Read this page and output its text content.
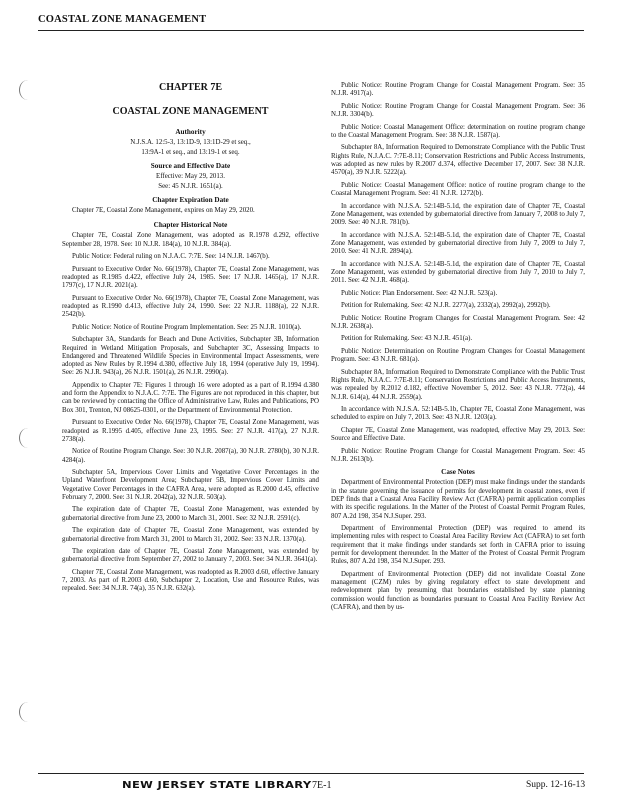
COASTAL ZONE MANAGEMENT
CHAPTER 7E
COASTAL ZONE MANAGEMENT
Authority
N.J.S.A. 12:5-3, 13:1D-9, 13:1D-29 et seq.,
13:9A-1 et seq., and 13:19-1 et seq.
Source and Effective Date
Effective: May 29, 2013.
See: 45 N.J.R. 1651(a).
Chapter Expiration Date

Chapter 7E, Coastal Zone Management, expires on May 29, 2020.

Chapter Historical Note

Chapter 7E, Coastal Zone Management, was adopted as R.1978 d.292, effective September 28, 1978. See: 10 N.J.R. 184(a), 10 N.J.R. 384(a).

Public Notice: Federal ruling on N.J.A.C. 7:7E. See: 14 N.J.R. 1467(b).

Pursuant to Executive Order No. 66(1978), Chapter 7E, Coastal Zone Management, was readopted as R.1985 d.422, effective July 24, 1985. See: 17 N.J.R. 1465(a), 17 N.J.R. 1797(c), 17 N.J.R. 2021(a).

Pursuant to Executive Order No. 66(1978), Chapter 7E, Coastal Zone Management, was readopted as R.1990 d.413, effective July 24, 1990. See: 22 N.J.R. 1188(a), 22 N.J.R. 2542(b).

Public Notice: Notice of Routine Program Implementation. See: 25 N.J.R. 1010(a).

Subchapter 3A, Standards for Beach and Dune Activities, Subchapter 3B, Information Required in Wetland Mitigation Proposals, and Subchapter 3C, Assessing Impacts to Endangered and Threatened Wildlife Species in Environmental Impact Assessments, were adopted as New Rules by R.1994 d.380, effective July 18, 1994 (operative July 19, 1994). See: 26 N.J.R. 943(a), 26 N.J.R. 1501(a), 26 N.J.R. 2990(a).

Appendix to Chapter 7E: Figures 1 through 16 were adopted as a part of R.1994 d.380 and form the Appendix to N.J.A.C. 7:7E. The Figures are not reproduced in this chapter, but can be reviewed by contacting the Office of Administrative Law, Rules and Publications, PO Box 301, Trenton, NJ 08625-0301, or the Department of Environmental Protection.

Pursuant to Executive Order No. 66(1978), Chapter 7E, Coastal Zone Management, was readopted as R.1995 d.405, effective June 23, 1995. See: 27 N.J.R. 417(a), 27 N.J.R. 2738(a).

Notice of Routine Program Change. See: 30 N.J.R. 2087(a), 30 N.J.R. 2780(b), 30 N.J.R. 4284(a).

Subchapter 5A, Impervious Cover Limits and Vegetative Cover Percentages in the Upland Waterfront Development Area; Subchapter 5B, Impervious Cover Limits and Vegetative Cover Percentages in the CAFRA Area, were adopted as R.2000 d.45, effective February 7, 2000. See: 31 N.J.R. 2042(a), 32 N.J.R. 503(a).

The expiration date of Chapter 7E, Coastal Zone Management, was extended by gubernatorial directive from June 23, 2000 to March 31, 2001. See: 32 N.J.R. 2591(c).

The expiration date of Chapter 7E, Coastal Zone Management, was extended by gubernatorial directive from March 31, 2001 to March 31, 2002. See: 33 N.J.R. 1370(a).

The expiration date of Chapter 7E, Coastal Zone Management, was extended by gubernatorial directive from September 27, 2002 to January 7, 2003. See: 34 N.J.R. 3641(a).

Chapter 7E, Coastal Zone Management, was readopted as R.2003 d.60, effective January 7, 2003. As part of R.2003 d.60, Subchapter 2, Location, Use and Resource Rules, was repealed. See: 34 N.J.R. 74(a), 35 N.J.R. 632(a).

Public Notice: Routine Program Change for Coastal Management Program. See: 35 N.J.R. 4917(a).

Public Notice: Routine Program Change for Coastal Management Program. See: 36 N.J.R. 3304(b).

Public Notice: Coastal Management Office: determination on routine program change to the Coastal Management Program. See: 38 N.J.R. 1587(a).

Subchapter 8A, Information Required to Demonstrate Compliance with the Public Trust Rights Rule, N.J.A.C. 7:7E-8.11; Conservation Restrictions and Public Access Instruments, was adopted as new rules by R.2007 d.374, effective December 17, 2007. See: 38 N.J.R. 4570(a), 39 N.J.R. 5222(a).

Public Notice: Coastal Management Office: notice of routine program change to the Coastal Management Program. See: 41 N.J.R. 1272(b).

In accordance with N.J.S.A. 52:14B-5.1d, the expiration date of Chapter 7E, Coastal Zone Management, was extended by gubernatorial directive from January 7, 2008 to July 7, 2009. See: 40 N.J.R. 781(b).

In accordance with N.J.S.A. 52:14B-5.1d, the expiration date of Chapter 7E, Coastal Zone Management, was extended by gubernatorial directive from July 7, 2009 to July 7, 2010. See: 41 N.J.R. 2894(a).

In accordance with N.J.S.A. 52:14B-5.1d, the expiration date of Chapter 7E, Coastal Zone Management, was extended by gubernatorial directive from July 7, 2010 to July 7, 2011. See: 42 N.J.R. 468(a).

Public Notice: Plan Endorsement. See: 42 N.J.R. 523(a).

Petition for Rulemaking. See: 42 N.J.R. 2277(a), 2332(a), 2992(a), 2992(b).

Public Notice: Routine Program Changes for Coastal Management Program. See: 42 N.J.R. 2638(a).

Petition for Rulemaking. See: 43 N.J.R. 451(a).

Public Notice: Determination on Routine Program Changes for Coastal Management Program. See: 43 N.J.R. 681(a).

Subchapter 8A, Information Required to Demonstrate Compliance with the Public Trust Rights Rule, N.J.A.C. 7:7E-8.11; Conservation Restrictions and Public Access Instruments, was repealed by R.2012 d.182, effective November 5, 2012. See: 43 N.J.R. 772(a), 44 N.J.R. 614(a), 44 N.J.R. 2559(a).

In accordance with N.J.S.A. 52:14B-5.1b, Chapter 7E, Coastal Zone Management, was scheduled to expire on July 7, 2013. See: 43 N.J.R. 1203(a).

Chapter 7E, Coastal Zone Management, was readopted, effective May 29, 2013. See: Source and Effective Date.

Public Notice: Routine Program Change for Coastal Management Program. See: 45 N.J.R. 2613(b).

Case Notes

Department of Environmental Protection (DEP) must make findings under the standards in the statute governing the issuance of permits for development in coastal zones, even if DEP finds that a Coastal Area Facility Review Act (CAFRA) permit application complies with its specific regulations. In the Matter of the Protest of Coastal Permit Program Rules, 807 A.2d 198, 354 N.J.Super. 293.

Department of Environmental Protection (DEP) was required to amend its implementing rules with respect to Coastal Area Facility Review Act (CAFRA) to set forth requirement that it make findings under standards set forth in CAFRA prior to issuing permit for development thereunder. In the Matter of the Protest of Coastal Permit Program Rules, 807 A.2d 198, 354 N.J.Super. 293.

Department of Environmental Protection (DEP) did not invalidate Coastal Zone management (CZM) rules by giving regulatory effect to state development and redevelopment plan by presuming that boundaries established by state planning commission would function as boundaries pursuant to Coastal Area Facility Review Act (CAFRA), and then by us-

NEW JERSEY STATE LIBRARY 7E-1	Supp. 12-16-13
